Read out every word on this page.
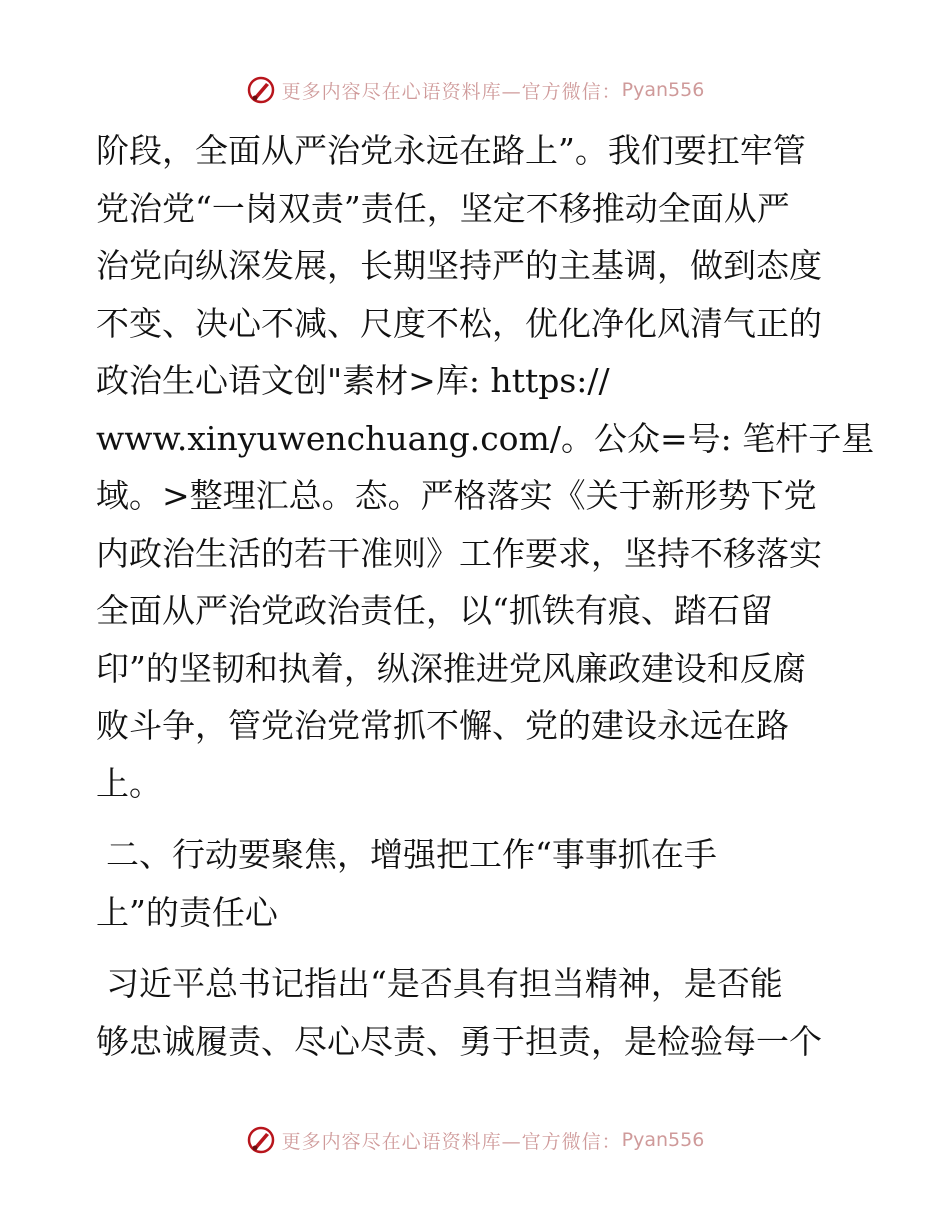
更多内容尽在心语资料库—官方微信： Pyan556
阶段，全面从严治党永远在路上”。我们要扛牢管
党治党“一岗双责”责任，坚定不移推动全面从严
治党向纵深发展，长期坚持严的主基调，做到态度
不变、决心不减、尺度不松，优化净化风清气正的
政治生心语文创"素材>库: https://
www.xinyuwenchuang.com/。公众=号: 笔杆子星
域。>整理汇总。态。严格落实《关于新形势下党
内政治生活的若干准则》工作要求，坚持不移落实
全面从严治党政治责任，以“抓铁有痕、踏石留
印”的坚韧和执着，纵深推进党风廉政建设和反腐
败斗争，管党治党常抓不懈、党的建设永远在路
上。
二、行动要聚焦，增强把工作“事事抓在手
上”的责任心
习近平总书记指出“是否具有担当精神，是否能
够忠诚履责、尽心尽责、勇于担责，是检验每一个
更多内容尽在心语资料库—官方微信： Pyan556
